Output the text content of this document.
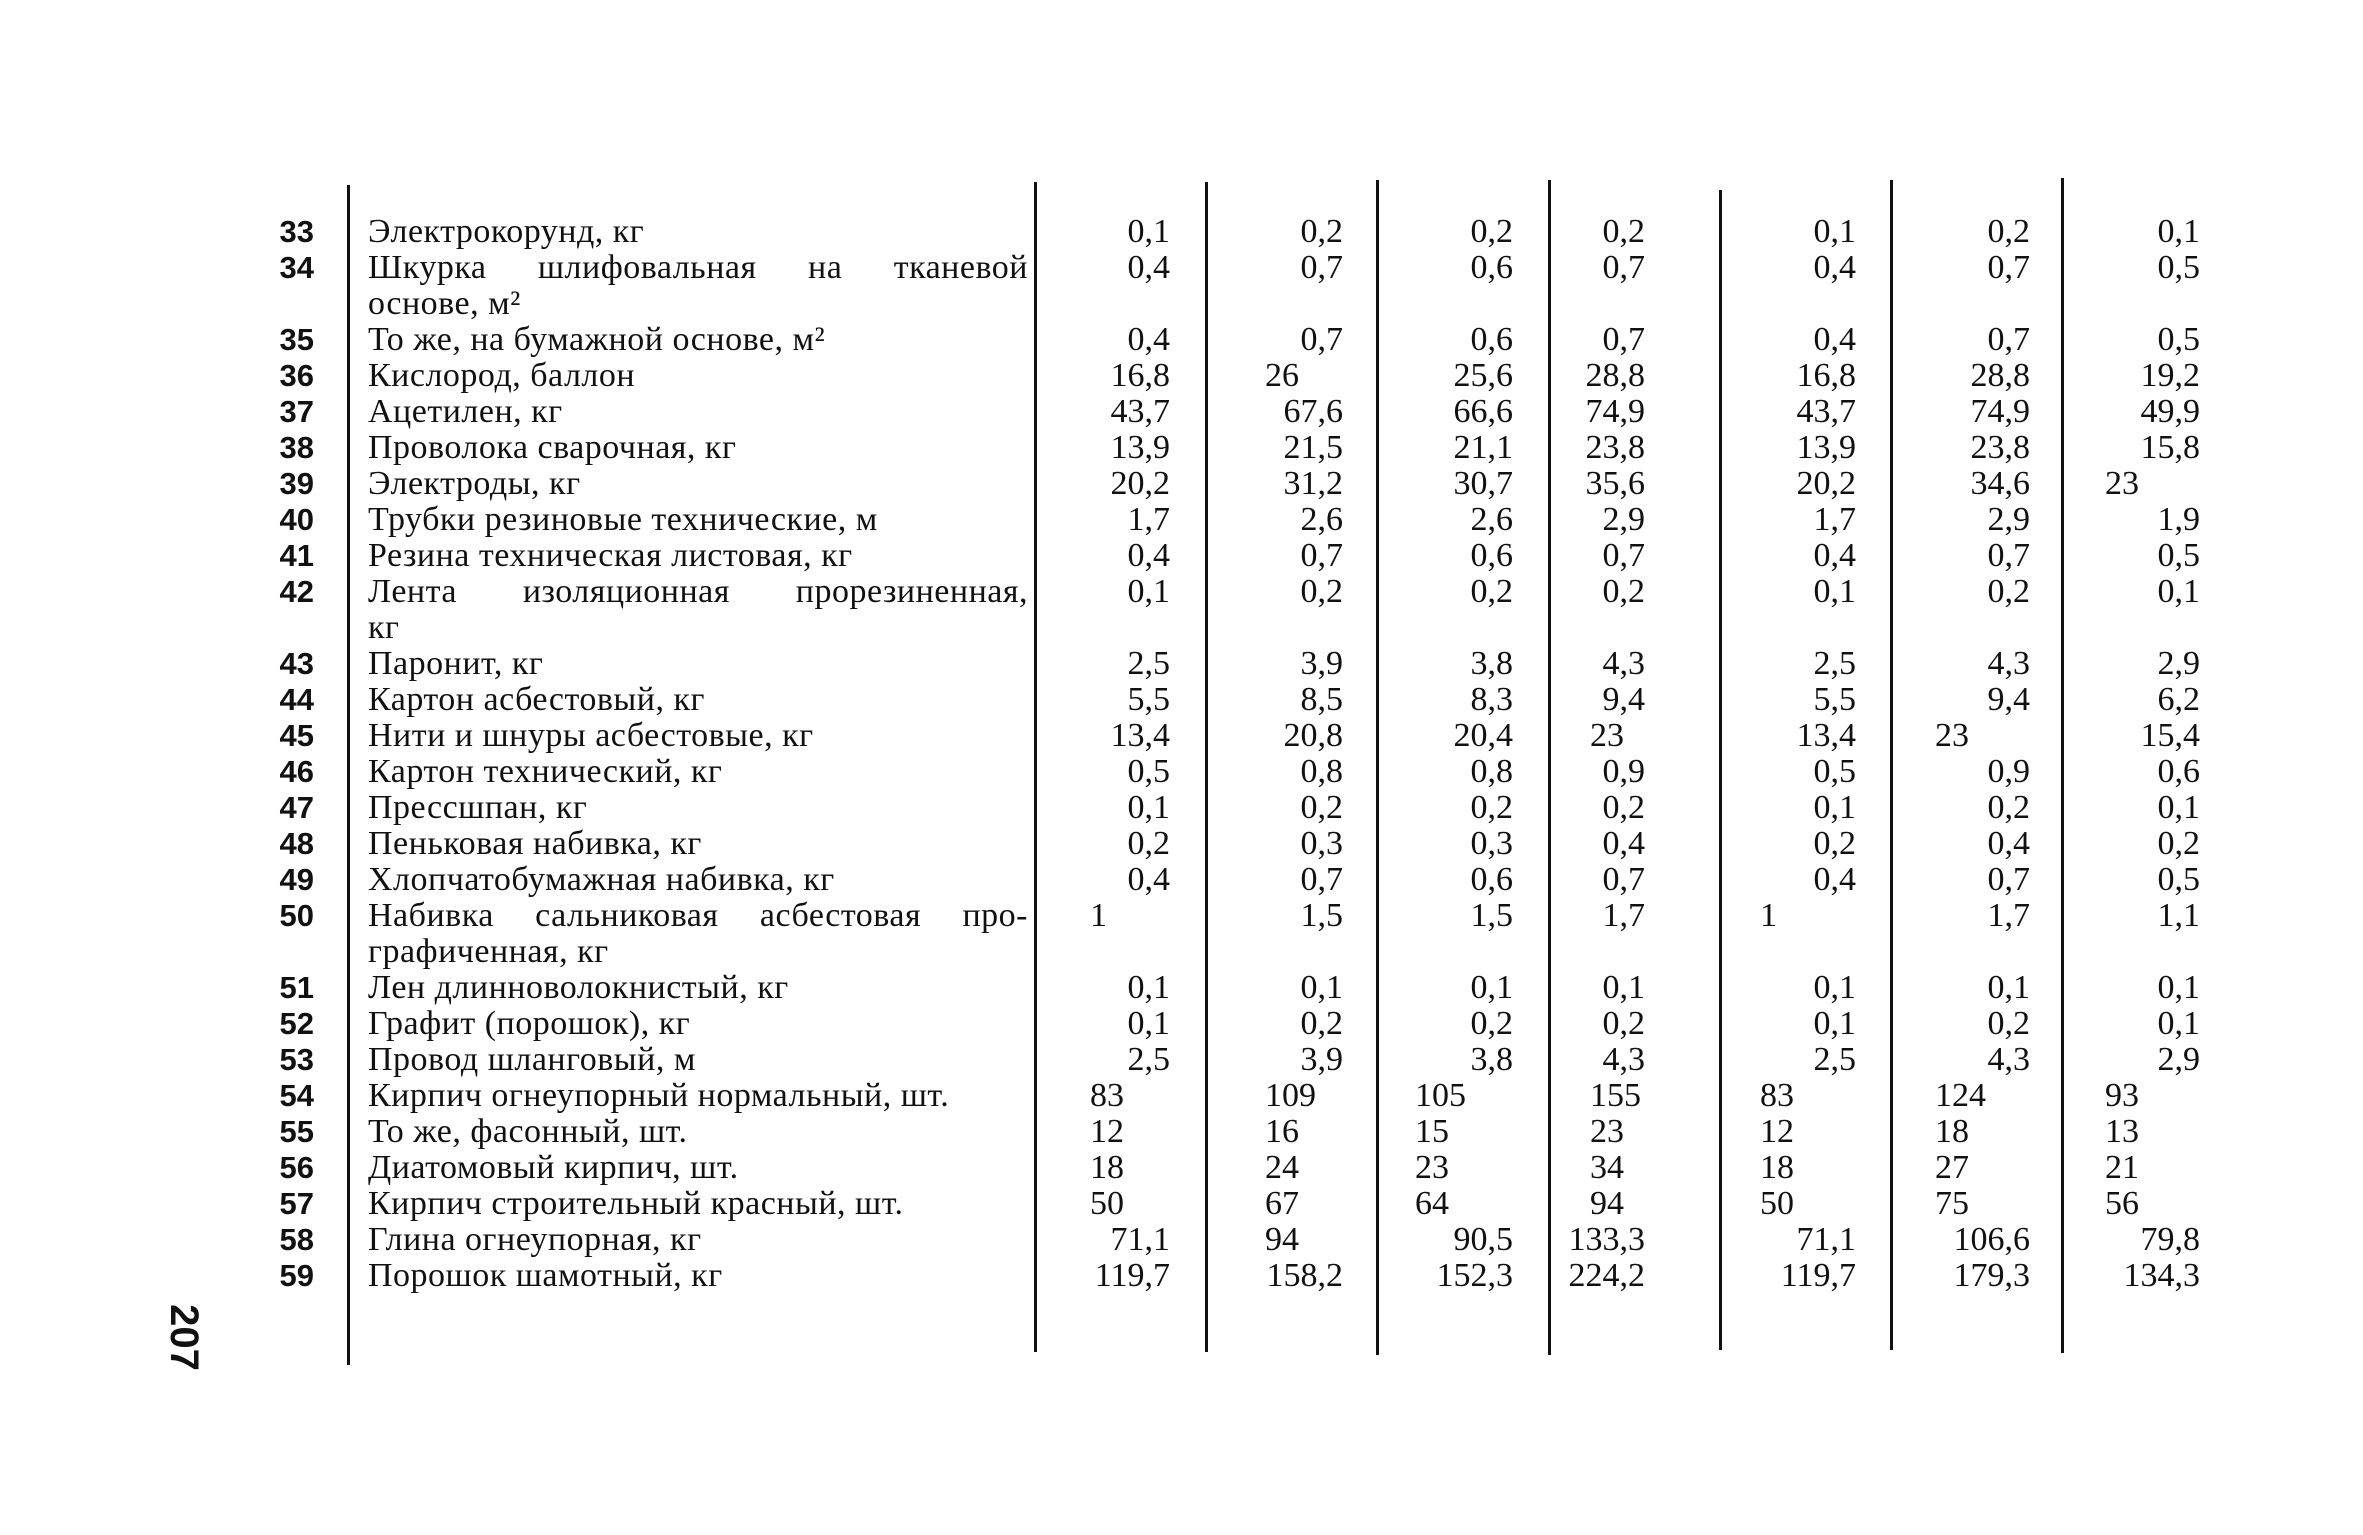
33 Электрокорунд, кг	0,1	0,2	0,2	0,2	0,1	0,2	0,1
34 Шкурка шлифовальная на тканевой
основе, м²
0,4	0,7	0,6	0,7	0,4	0,7	0,5
35 То же, на бумажной основе, м²	0,4	0,7	0,6	0,7	0,4	0,7	0,5
36 Кислород, баллон	16,8	26	25,6 28,8	16,8	28,8	19,2
37 Ацетилен, кг	43,7	67,6	66,6 74,9	43,7	74,9	49,9
38 Проволока сварочная, кг	13,9	21,5	21,1 23,8	13,9	23,8	15,8
39 Электроды, кг	20,2	31,2	30,7 35,6	20,2	34,6 23
40 Трубки резиновые технические, м	1,7	2,6	2,6	2,9	1,7	2,9	1,9
41 Резина техническая листовая, кг	0,4	0,7	0,6	0,7	0,4	0,7	0,5
42 Лента изоляционная прорезиненная,
кг
0,1	0,2	0,2	0,2	0,1	0,2	0,1
43 Паронит, кг	2,5	3,9	3,8	4,3	2,5	4,3	2,9
44 Картон асбестовый, кг	5,5	8,5	8,3	9,4	5,5	9,4	6,2
45 Нити и шнуры асбестовые, кг	13,4	20,8	20,4 23	13,4 23	15,4
46 Картон технический, кг	0,5	0,8	0,8	0,9	0,5	0,9	0,6
47 Прессшпан, кг	0,1	0,2	0,2	0,2	0,1	0,2	0,1
48 Пеньковая набивка, кг	0,2	0,3	0,3	0,4	0,2	0,4	0,2
49 Хлопчатобумажная набивка, кг	0,4	0,7	0,6	0,7	0,4	0,7	0,5
50 Набивка сальниковая асбестовая про-
графиченная, кг
1	1,5	1,5	1,7	1	1,7	1,1
51 Лен длинноволокнистый, кг	0,1	0,1	0,1	0,1	0,1	0,1	0,1
52 Графит (порошок), кг	0,1	0,2	0,2	0,2	0,1	0,2	0,1
53 Провод шланговый, м	2,5	3,9	3,8	4,3	2,5	4,3	2,9
54 Кирпич огнеупорный нормальный, шт.	83	109	105	155	83	124	93
55 То же, фасонный, шт.	12	16	15	23	12	18	13
56 Диатомовый кирпич, шт.	18	24	23	34	18	27	21
57 Кирпич строительный красный, шт.	50	67	64	94	50	75	56
58 Глина огнеупорная, кг	71,1	94	90,5 133,3	71,1	106,6	79,8
59 Порошок шамотный, кг	119,7	158,2	152,3 224,2	119,7	179,3	134,3
207
